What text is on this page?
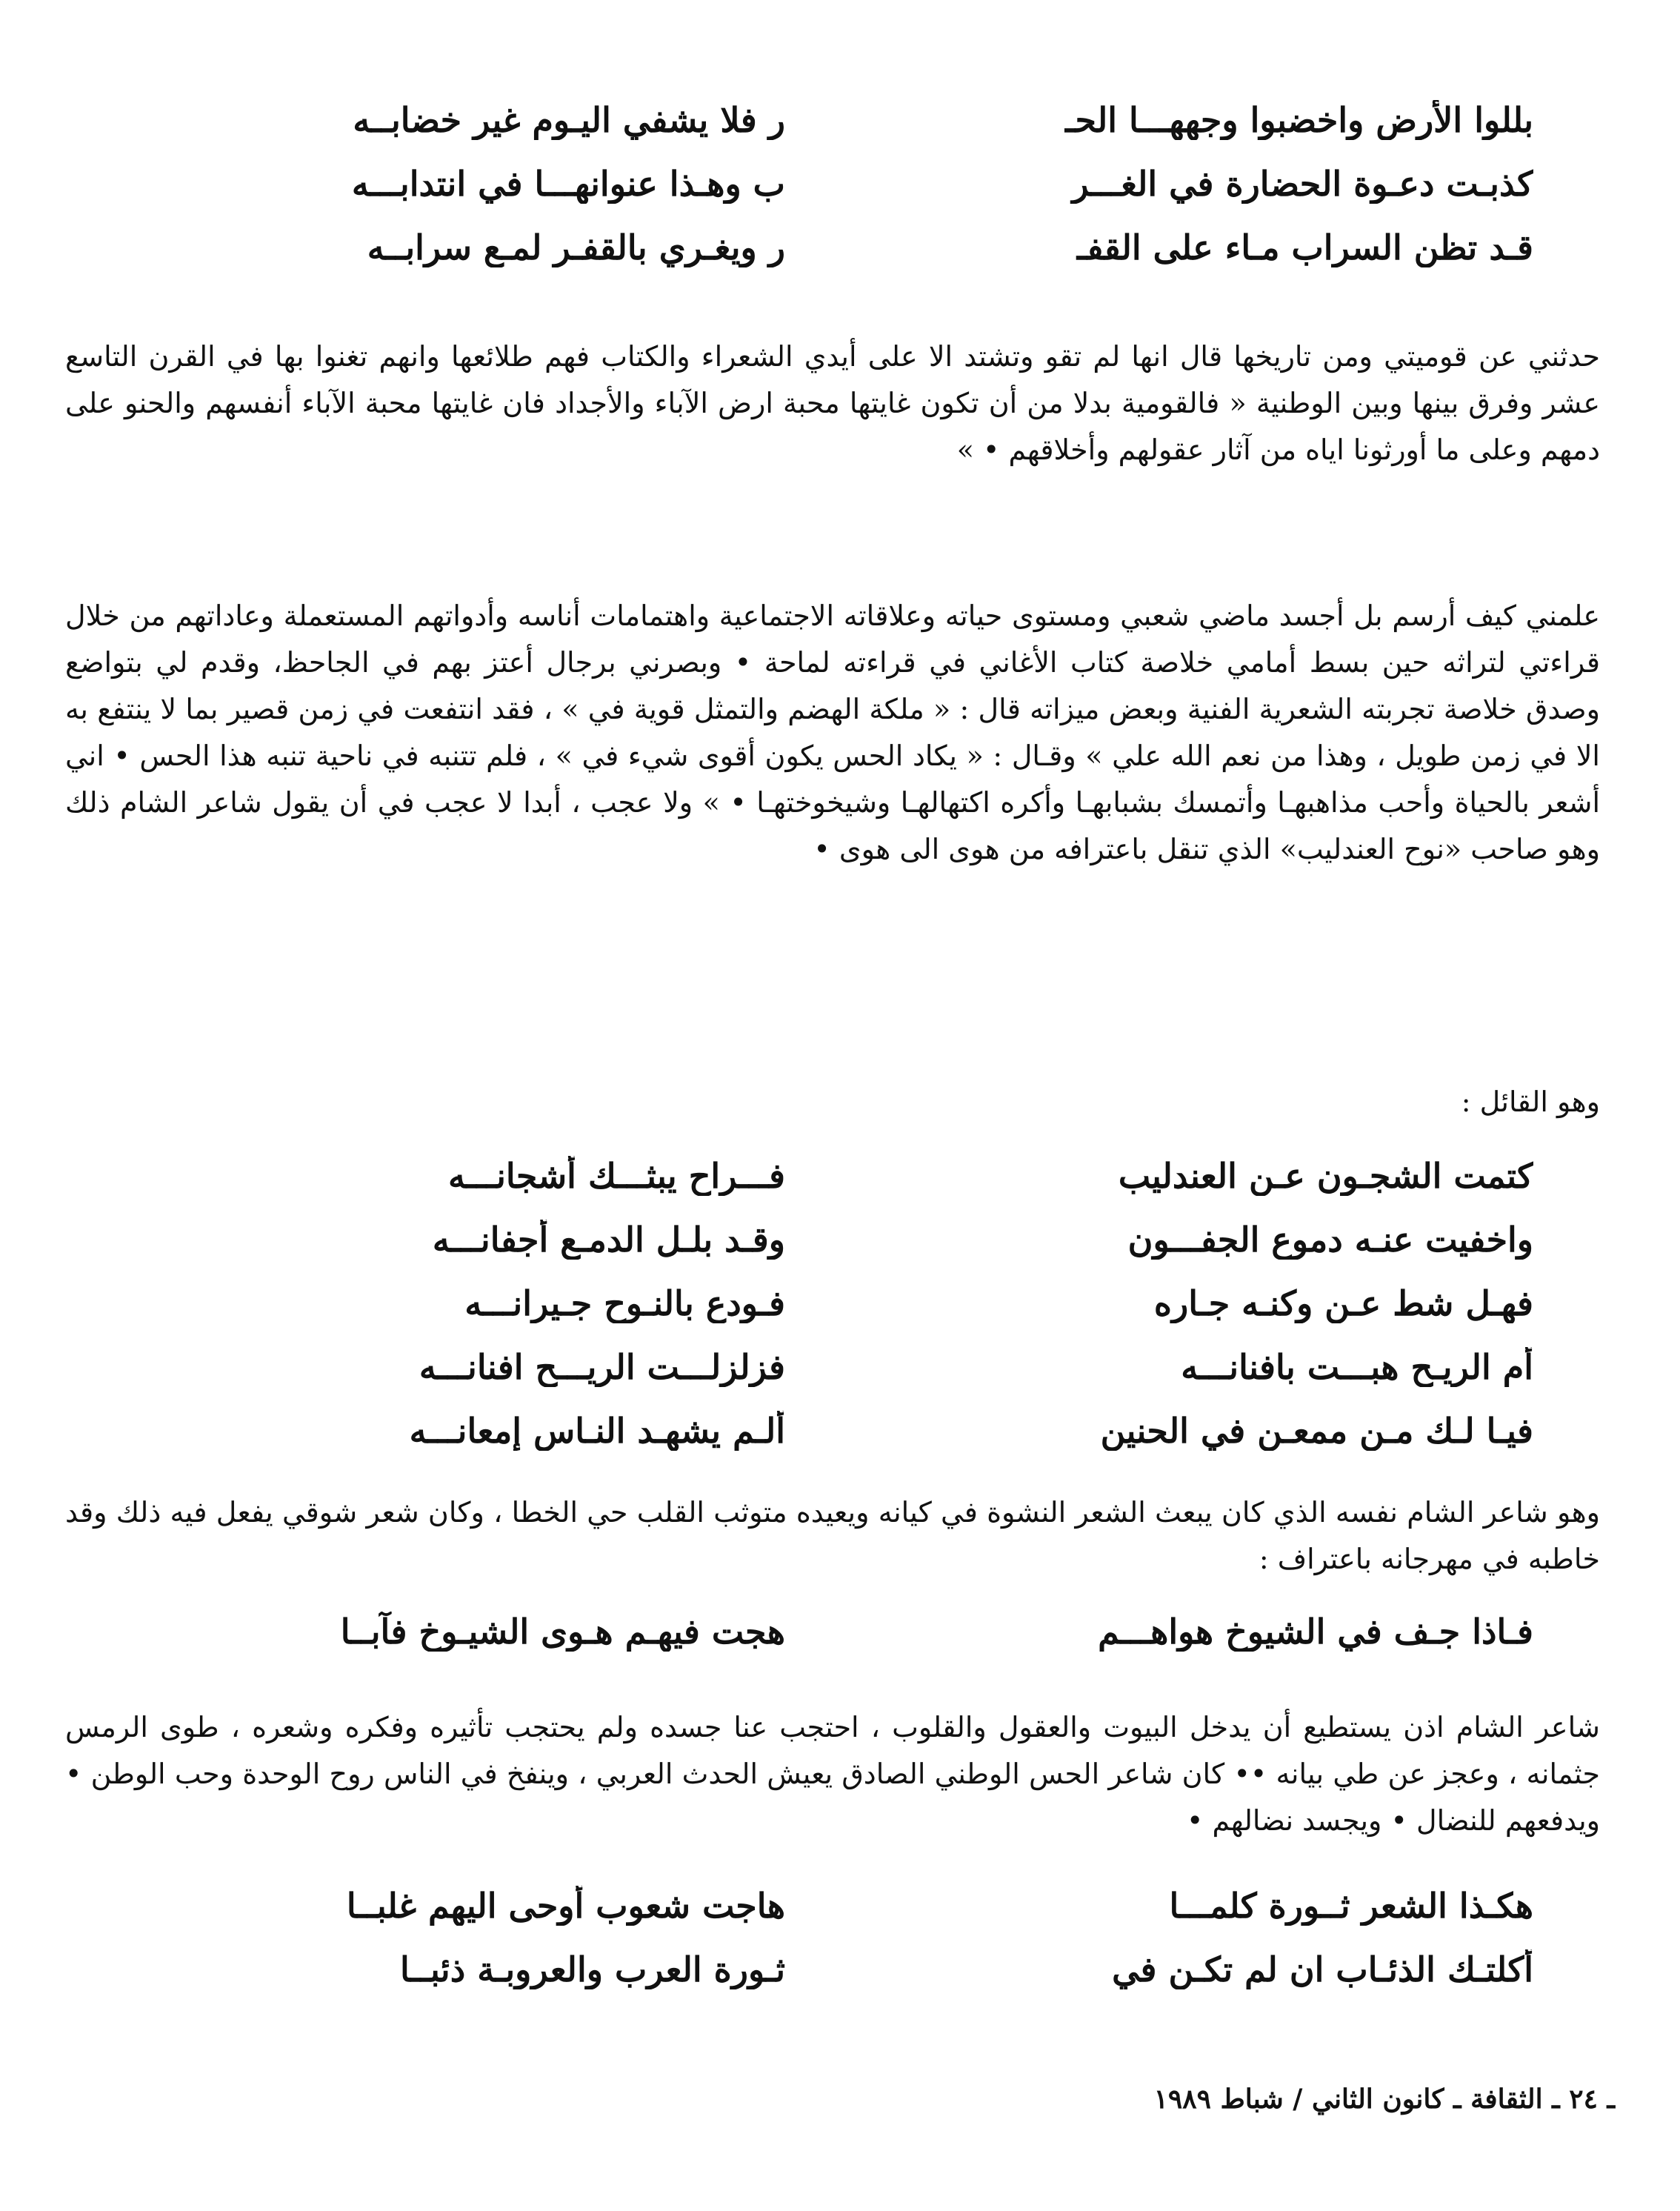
بللوا الأرض واخضبوا وجههـــا الحـ
ر فلا يشفي اليـوم غير خضابــه
كذبـت دعـوة الحضارة في الغـــر
ب وهـذا عنوانهـــا في انتدابـــه
قـد تظن السراب مـاء على القفـ
ر ويغـري بالقفـر لمـع سرابــه

حدثني عن قوميتي ومن تاريخها قال انها لم تقو وتشتد الا على أيدي الشعراء والكتاب فهم طلائعها وانهم تغنوا بها في القرن التاسع عشر وفرق بينها وبين الوطنية « فالقومية بدلا من أن تكون غايتها محبة ارض الآباء والأجداد فان غايتها محبة الآباء أنفسهم والحنو على دمهم وعلى ما أورثونا اياه من آثار عقولهم وأخلاقهم • »

علمني كيف أرسم بل أجسد ماضي شعبي ومستوى حياته وعلاقاته الاجتماعية واهتمامات أناسه وأدواتهم المستعملة وعاداتهم من خلال قراءتي لتراثه حين بسط أمامي خلاصة كتاب الأغاني في قراءته لماحة • وبصرني برجال أعتز بهم في الجاحظ، وقدم لي بتواضع وصدق خلاصة تجربته الشعرية الفنية وبعض ميزاته قال : « ملكة الهضم والتمثل قوية في » ، فقد انتفعت في زمن قصير بما لا ينتفع به الا في زمن طويل ، وهذا من نعم الله علي » وقـال : « يكاد الحس يكون أقوى شيء في » ، فلم تتنبه في ناحية تنبه هذا الحس • اني أشعر بالحياة وأحب مذاهبهـا وأتمسك بشبابهـا وأكره اكتهالهـا وشيخوختهـا • » ولا عجب ، أبدا لا عجب في أن يقول شاعر الشام ذلك وهو صاحب «نوح العندليب» الذي تنقل باعترافه من هوى الى هوى •

وهو القائل :
كتمت الشجـون عـن العندليب
فـــراح يبثـــك أشجانـــه
واخفيت عنـه دموع الجفـــون
وقـد بلـل الدمـع أجفانـــه
فهـل شط عـن وكنـه جـاره
فـودع بالنـوح جـيرانـــه
أم الريـح هبـــت بافنانـــه
فزلزلـــت الريـــح افنانـــه
فيـا لـك مـن ممعـن في الحنين
ألـم يشهـد النـاس إمعانـــه

وهو شاعر الشام نفسه الذي كان يبعث الشعر النشوة في كيانه ويعيده متوثب القلب حي الخطا ، وكان شعر شوقي يفعل فيه ذلك وقد خاطبه في مهرجانه باعتراف :

فـاذا جـف في الشيوخ هواهـــم
هجت فيهـم هـوى الشيـوخ فآبــا

شاعر الشام اذن يستطيع أن يدخل البيوت والعقول والقلوب ، احتجب عنا جسده ولم يحتجب تأثيره وفكره وشعره ، طوى الرمس جثمانه ، وعجز عن طي بيانه •• كان شاعر الحس الوطني الصادق يعيش الحدث العربي ، وينفخ في الناس روح الوحدة وحب الوطن • ويدفعهم للنضال • ويجسد نضالهم •

هكـذا الشعر ثــورة كلمـــا
هاجت شعوب أوحى اليهم غلبــا
أكلتـك الذئـاب ان لم تكـن في
ثـورة العرب والعروبـة ذئبــا
ـ ٢٤ ـ الثقافة ـ كانون الثاني / شباط ١٩٨٩
